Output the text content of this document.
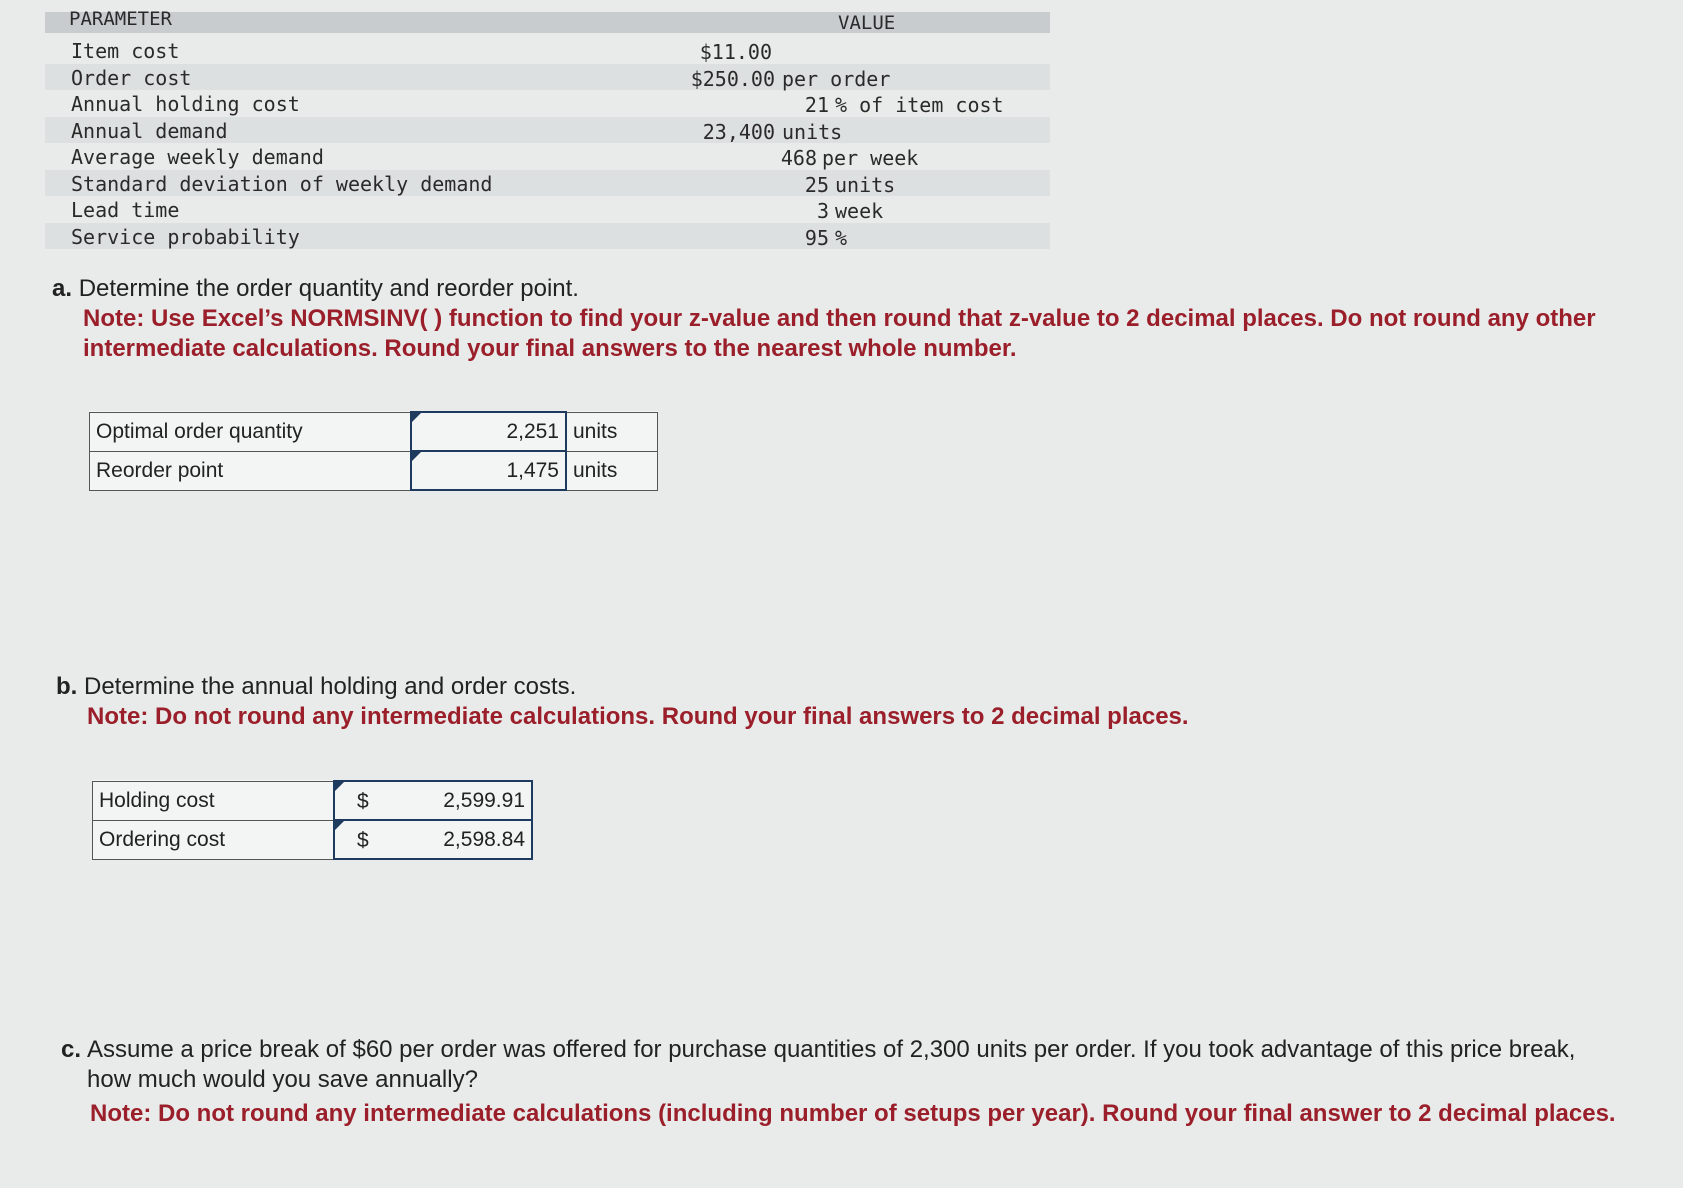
PARAMETER	VALUE
Item cost	$11.00
Order cost	$250.00 per order
Annual holding cost	21 % of item cost
Annual demand	23,400 units
Average weekly demand	468 per week
Standard deviation of weekly demand	25 units
Lead time	3 week
Service probability	95 %
a. Determine the order quantity and reorder point.
Note: Use Excel’s NORMSINV( ) function to find your z-value and then round that z-value to 2 decimal places. Do not round any other intermediate calculations. Round your final answers to the nearest whole number.
Optimal order quantity	2,251	units
Reorder point	1,475	units
b. Determine the annual holding and order costs.
Note: Do not round any intermediate calculations. Round your final answers to 2 decimal places.
Holding cost	$ 2,599.91
Ordering cost	$ 2,598.84
c. Assume a price break of $60 per order was offered for purchase quantities of 2,300 units per order. If you took advantage of this price break, how much would you save annually?
Note: Do not round any intermediate calculations (including number of setups per year). Round your final answer to 2 decimal places.
